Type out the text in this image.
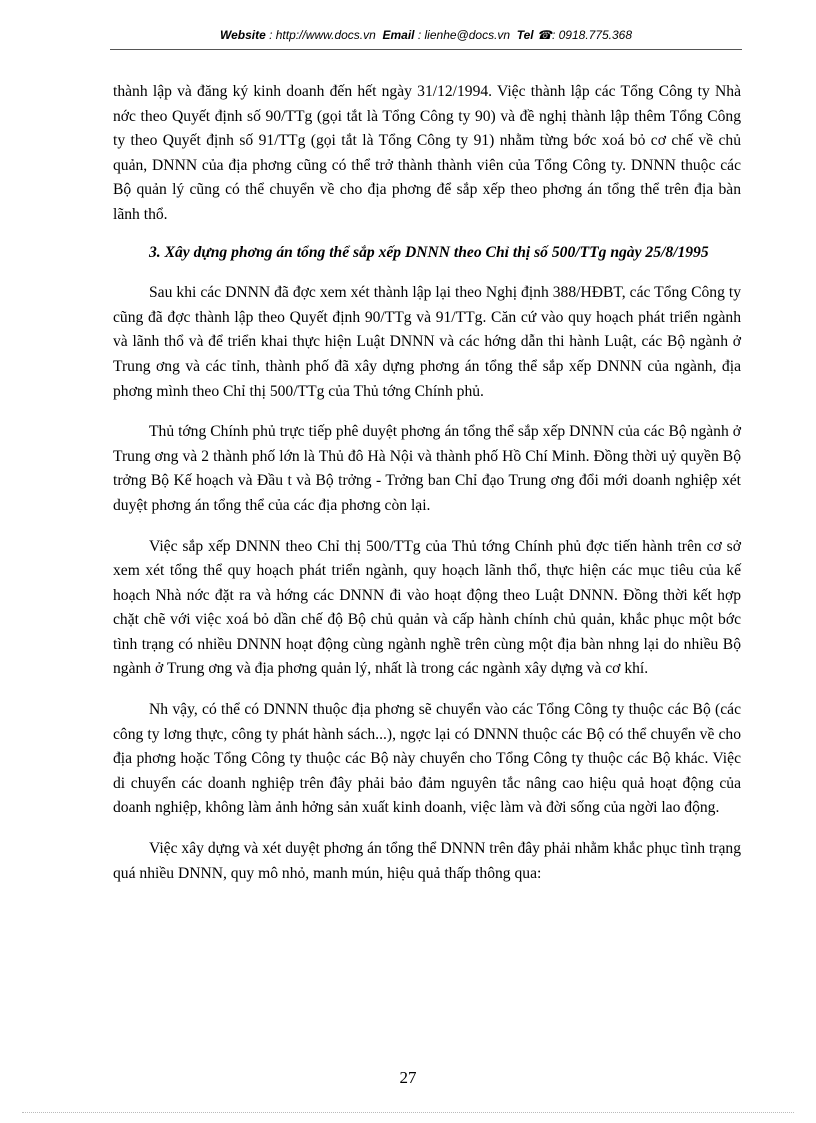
Website : http://www.docs.vn Email : lienhe@docs.vn Tel ☎: 0918.775.368

thành lập và đăng ký kinh doanh đến hết ngày 31/12/1994. Việc thành lập các Tổng Công ty Nhà nớc theo Quyết định số 90/TTg (gọi tắt là Tổng Công ty 90) và đề nghị thành lập thêm Tổng Công ty theo Quyết định số 91/TTg (gọi tắt là Tổng Công ty 91) nhằm từng bớc xoá bỏ cơ chế về chủ quản, DNNN của địa phơng cũng có thể trở thành thành viên của Tổng Công ty. DNNN thuộc các Bộ quản lý cũng có thể chuyển về cho địa phơng để sắp xếp theo phơng án tổng thể trên địa bàn lãnh thổ.

3. Xây dựng phơng án tổng thể sắp xếp DNNN theo Chỉ thị số 500/TTg ngày 25/8/1995

Sau khi các DNNN đã đợc xem xét thành lập lại theo Nghị định 388/HĐBT, các Tổng Công ty cũng đã đợc thành lập theo Quyết định 90/TTg và 91/TTg. Căn cứ vào quy hoạch phát triển ngành và lãnh thổ và để triển khai thực hiện Luật DNNN và các hớng dẫn thi hành Luật, các Bộ ngành ở Trung ơng và các tỉnh, thành phố đã xây dựng phơng án tổng thể sắp xếp DNNN của ngành, địa phơng mình theo Chỉ thị 500/TTg của Thủ tớng Chính phủ.

Thủ tớng Chính phủ trực tiếp phê duyệt phơng án tổng thể sắp xếp DNNN của các Bộ ngành ở Trung ơng và 2 thành phố lớn là Thủ đô Hà Nội và thành phố Hồ Chí Minh. Đồng thời uỷ quyền Bộ trởng Bộ Kế hoạch và Đầu t và Bộ trởng - Trởng ban Chỉ đạo Trung ơng đổi mới doanh nghiệp xét duyệt phơng án tổng thể của các địa phơng còn lại.

Việc sắp xếp DNNN theo Chỉ thị 500/TTg của Thủ tớng Chính phủ đợc tiến hành trên cơ sở xem xét tổng thể quy hoạch phát triển ngành, quy hoạch lãnh thổ, thực hiện các mục tiêu của kế hoạch Nhà nớc đặt ra và hớng các DNNN đi vào hoạt động theo Luật DNNN. Đồng thời kết hợp chặt chẽ với việc xoá bỏ dần chế độ Bộ chủ quản và cấp hành chính chủ quản, khắc phục một bớc tình trạng có nhiều DNNN hoạt động cùng ngành nghề trên cùng một địa bàn nhng lại do nhiều Bộ ngành ở Trung ơng và địa phơng quản lý, nhất là trong các ngành xây dựng và cơ khí.

Nh vậy, có thể có DNNN thuộc địa phơng sẽ chuyển vào các Tổng Công ty thuộc các Bộ (các công ty lơng thực, công ty phát hành sách...), ngợc lại có DNNN thuộc các Bộ có thể chuyển về cho địa phơng hoặc Tổng Công ty thuộc các Bộ này chuyển cho Tổng Công ty thuộc các Bộ khác. Việc di chuyển các doanh nghiệp trên đây phải bảo đảm nguyên tắc nâng cao hiệu quả hoạt động của doanh nghiệp, không làm ảnh hởng sản xuất kinh doanh, việc làm và đời sống của ngời lao động.

Việc xây dựng và xét duyệt phơng án tổng thể DNNN trên đây phải nhằm khắc phục tình trạng quá nhiều DNNN, quy mô nhỏ, manh mún, hiệu quả thấp thông qua:

27
